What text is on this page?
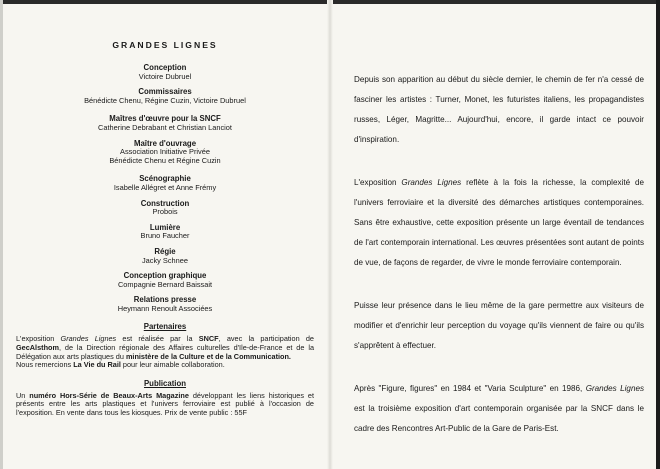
GRANDES LIGNES
Conception
Victoire Dubruel
Commissaires
Bénédicte Chenu, Régine Cuzin, Victoire Dubruel
Maîtres d'œuvre pour la SNCF
Catherine Debrabant et Christian Lanciot
Maître d'ouvrage
Association Initiative Privée
Bénédicte Chenu et Régine Cuzin
Scénographie
Isabelle Allégret et Anne Frémy
Construction
Probois
Lumière
Bruno Faucher
Régie
Jacky Schnee
Conception graphique
Compagnie Bernard Baissait
Relations presse
Heymann Renoult Associées
Partenaires
L'exposition Grandes Lignes est réalisée par la SNCF, avec la participation de GecAlsthom, de la Direction régionale des Affaires culturelles d'Ile-de-France et de la Délégation aux arts plastiques du ministère de la Culture et de la Communication.
Nous remercions La Vie du Rail pour leur aimable collaboration.
Publication
Un numéro Hors-Série de Beaux-Arts Magazine développant les liens historiques et présents entre les arts plastiques et l'univers ferroviaire est publié à l'occasion de l'exposition. En vente dans tous les kiosques. Prix de vente public : 55F

Depuis son apparition au début du siècle dernier, le chemin de fer n'a cessé de fasciner les artistes : Turner, Monet, les futuristes italiens, les propagandistes russes, Léger, Magritte... Aujourd'hui, encore, il garde intact ce pouvoir d'inspiration.

L'exposition Grandes Lignes reflète à la fois la richesse, la complexité de l'univers ferroviaire et la diversité des démarches artistiques contemporaines. Sans être exhaustive, cette exposition présente un large éventail de tendances de l'art contemporain international. Les œuvres présentées sont autant de points de vue, de façons de regarder, de vivre le monde ferroviaire contemporain.

Puisse leur présence dans le lieu même de la gare permettre aux visiteurs de modifier et d'enrichir leur perception du voyage qu'ils viennent de faire ou qu'ils s'apprêtent à effectuer.

Après "Figure, figures" en 1984 et "Varia Sculpture" en 1986, Grandes Lignes est la troisième exposition d'art contemporain organisée par la SNCF dans le cadre des Rencontres Art-Public de la Gare de Paris-Est.
